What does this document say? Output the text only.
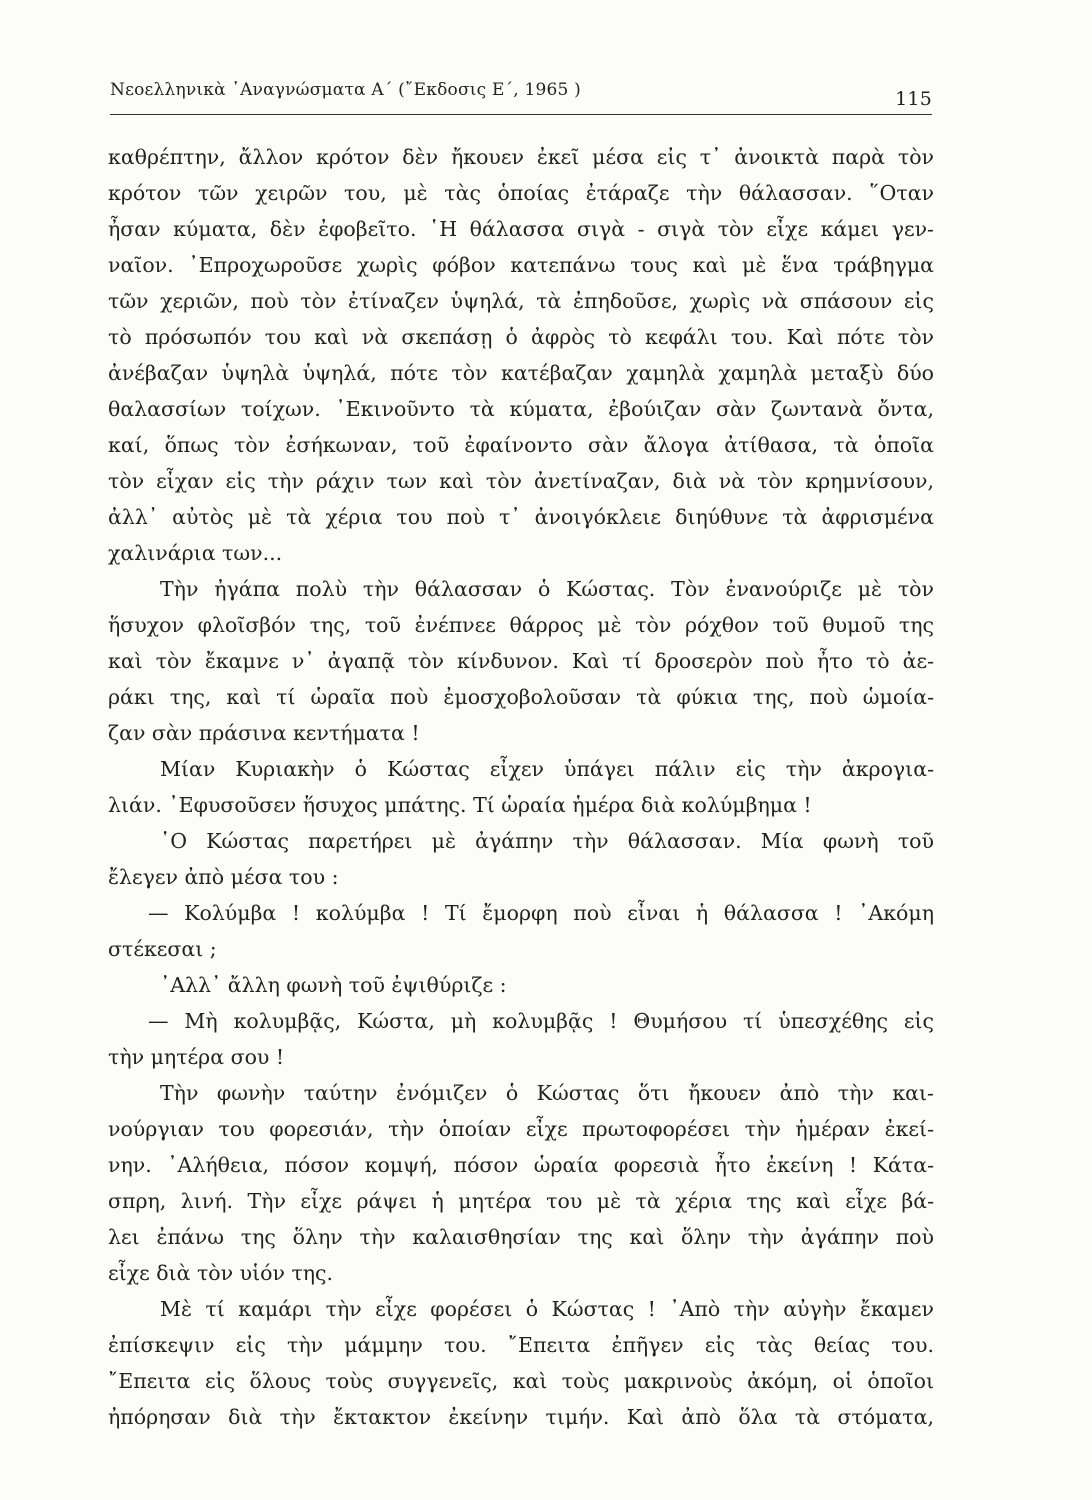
Νεοελληνικὰ ᾿Αναγνώσματα Α΄ (῎Εκδοσις Ε΄, 1965 )	115
καθρέπτην, ἄλλον κρότον δὲν ἤκουεν ἐκεῖ μέσα εἰς τ᾿ ἀνοικτὰ παρὰ τὸν
κρότον τῶν χειρῶν του, μὲ τὰς ὁποίας ἐτάραζε τὴν θάλασσαν. ῞Οταν
ἦσαν κύματα, δὲν ἐφοβεῖτο. ῾Η θάλασσα σιγὰ - σιγὰ τὸν εἶχε κάμει γεν-
ναῖον. ᾿Επροχωροῦσε χωρὶς φόβον κατεπάνω τους καὶ μὲ ἕνα τράβηγμα
τῶν χεριῶν, ποὺ τὸν ἐτίναζεν ὑψηλά, τὰ ἐπηδοῦσε, χωρὶς νὰ σπάσουν εἰς
τὸ πρόσωπόν του καὶ νὰ σκεπάσῃ ὁ ἀφρὸς τὸ κεφάλι του. Καὶ πότε τὸν
ἀνέβαζαν ὑψηλὰ ὑψηλά, πότε τὸν κατέβαζαν χαμηλὰ χαμηλὰ μεταξὺ δύο
θαλασσίων τοίχων. ᾿Εκινοῦντο τὰ κύματα, ἐβούιζαν σὰν ζωντανὰ ὄντα,
καί, ὅπως τὸν ἐσήκωναν, τοῦ ἐφαίνοντο σὰν ἄλογα ἀτίθασα, τὰ ὁποῖα
τὸν εἶχαν εἰς τὴν ράχιν των καὶ τὸν ἀνετίναζαν, διὰ νὰ τὸν κρημνίσουν,
ἀλλ᾿ αὐτὸς μὲ τὰ χέρια του ποὺ τ᾿ ἀνοιγόκλειε διηύθυνε τὰ ἀφρισμένα
χαλινάρια των...
Τὴν ἠγάπα πολὺ τὴν θάλασσαν ὁ Κώστας. Τὸν ἐνανούριζε μὲ τὸν
ἥσυχον φλοῖσβόν της, τοῦ ἐνέπνεε θάρρος μὲ τὸν ρόχθον τοῦ θυμοῦ της
καὶ τὸν ἔκαμνε ν᾿ ἀγαπᾷ τὸν κίνδυνον. Καὶ τί δροσερὸν ποὺ ἦτο τὸ ἀε-
ράκι της, καὶ τί ὡραῖα ποὺ ἐμοσχοβολοῦσαν τὰ φύκια της, ποὺ ὡμοία-
ζαν σὰν πράσινα κεντήματα !
Μίαν Κυριακὴν ὁ Κώστας εἶχεν ὑπάγει πάλιν εἰς τὴν ἀκρογια-
λιάν. ᾿Εφυσοῦσεν ἥσυχος μπάτης. Τί ὡραία ἡμέρα διὰ κολύμβημα !
῾Ο Κώστας παρετήρει μὲ ἀγάπην τὴν θάλασσαν. Μία φωνὴ τοῦ
ἔλεγεν ἀπὸ μέσα του :
— Κολύμβα ! κολύμβα ! Τί ἔμορφη ποὺ εἶναι ἡ θάλασσα ! ᾿Ακόμη
στέκεσαι ;
᾿Αλλ᾿ ἄλλη φωνὴ τοῦ ἐψιθύριζε :
— Μὴ κολυμβᾷς, Κώστα, μὴ κολυμβᾷς ! Θυμήσου τί ὑπεσχέθης εἰς
τὴν μητέρα σου !
Τὴν φωνὴν ταύτην ἐνόμιζεν ὁ Κώστας ὅτι ἤκουεν ἀπὸ τὴν και-
νούργιαν του φορεσιάν, τὴν ὁποίαν εἶχε πρωτοφορέσει τὴν ἡμέραν ἐκεί-
νην. ᾿Αλήθεια, πόσον κομψή, πόσον ὡραία φορεσιὰ ἦτο ἐκείνη ! Κάτα-
σπρη, λινή. Τὴν εἶχε ράψει ἡ μητέρα του μὲ τὰ χέρια της καὶ εἶχε βά-
λει ἐπάνω της ὅλην τὴν καλαισθησίαν της καὶ ὅλην τὴν ἀγάπην ποὺ
εἶχε διὰ τὸν υἱόν της.
Μὲ τί καμάρι τὴν εἶχε φορέσει ὁ Κώστας ! ᾿Απὸ τὴν αὐγὴν ἔκαμεν
ἐπίσκεψιν εἰς τὴν μάμμην του. ῎Επειτα ἐπῆγεν εἰς τὰς θείας του.
῎Επειτα εἰς ὅλους τοὺς συγγενεῖς, καὶ τοὺς μακρινοὺς ἀκόμη, οἱ ὁποῖοι
ἠπόρησαν διὰ τὴν ἔκτακτον ἐκείνην τιμήν. Καὶ ἀπὸ ὅλα τὰ στόματα,
